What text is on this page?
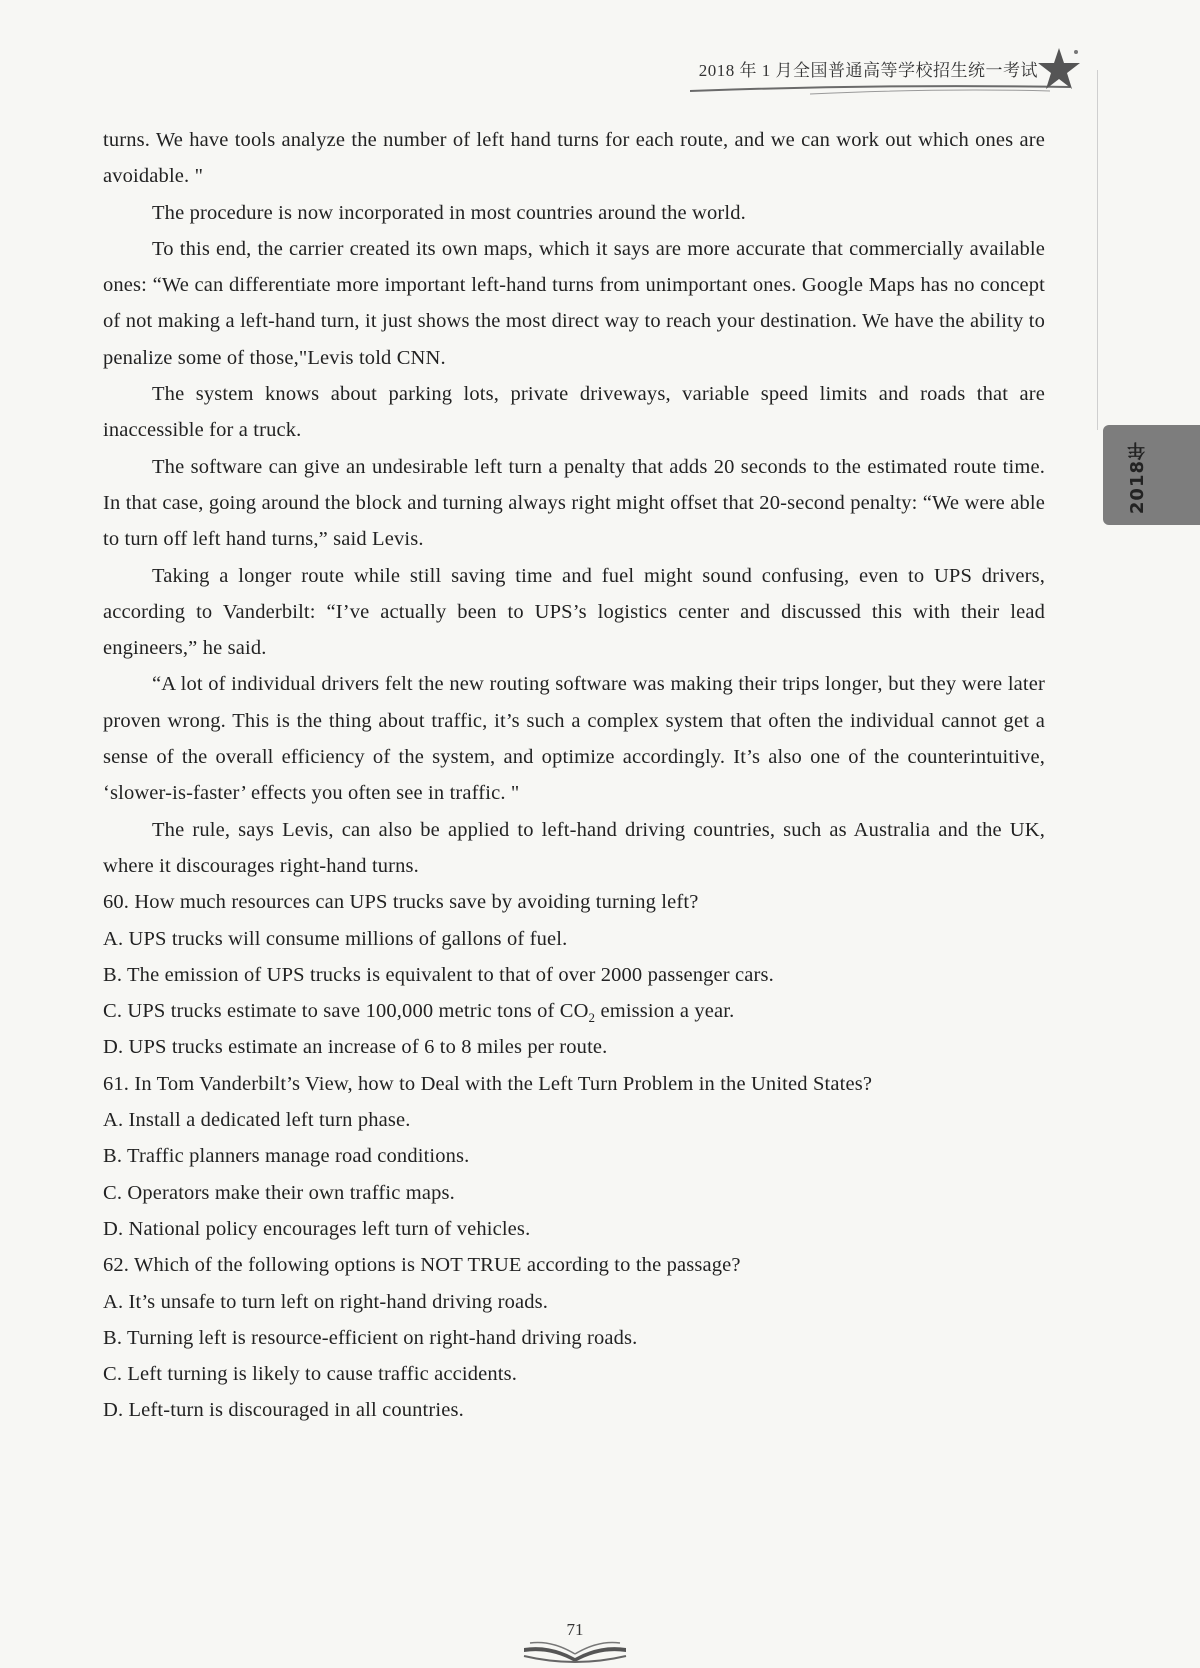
2018 年 1 月全国普通高等学校招生统一考试
2018年

turns. We have tools analyze the number of left hand turns for each route, and we can work out which ones are avoidable. "

The procedure is now incorporated in most countries around the world.

To this end, the carrier created its own maps, which it says are more accurate that commercially available ones: “We can differentiate more important left-hand turns from unimportant ones. Google Maps has no concept of not making a left-hand turn, it just shows the most direct way to reach your destination. We have the ability to penalize some of those,"Levis told CNN.

The system knows about parking lots, private driveways, variable speed limits and roads that are inaccessible for a truck.

The software can give an undesirable left turn a penalty that adds 20 seconds to the estimated route time. In that case, going around the block and turning always right might offset that 20-second penalty: “We were able to turn off left hand turns,” said Levis.

Taking a longer route while still saving time and fuel might sound confusing, even to UPS drivers, according to Vanderbilt: “I’ve actually been to UPS’s logistics center and discussed this with their lead engineers,” he said.

“A lot of individual drivers felt the new routing software was making their trips longer, but they were later proven wrong. This is the thing about traffic, it’s such a complex system that often the individual cannot get a sense of the overall efficiency of the system, and optimize accordingly. It’s also one of the counterintuitive, ‘slower-is-faster’ effects you often see in traffic. "

The rule, says Levis, can also be applied to left-hand driving countries, such as Australia and the UK, where it discourages right-hand turns.

60. How much resources can UPS trucks save by avoiding turning left?

A. UPS trucks will consume millions of gallons of fuel.

B. The emission of UPS trucks is equivalent to that of over 2000 passenger cars.

C. UPS trucks estimate to save 100,000 metric tons of $CO_2$ emission a year.

D. UPS trucks estimate an increase of 6 to 8 miles per route.

61. In Tom Vanderbilt’s View, how to Deal with the Left Turn Problem in the United States?

A. Install a dedicated left turn phase.

B. Traffic planners manage road conditions.

C. Operators make their own traffic maps.

D. National policy encourages left turn of vehicles.

62. Which of the following options is NOT TRUE according to the passage?

A. It’s unsafe to turn left on right-hand driving roads.

B. Turning left is resource-efficient on right-hand driving roads.

C. Left turning is likely to cause traffic accidents.

D. Left-turn is discouraged in all countries.

71
